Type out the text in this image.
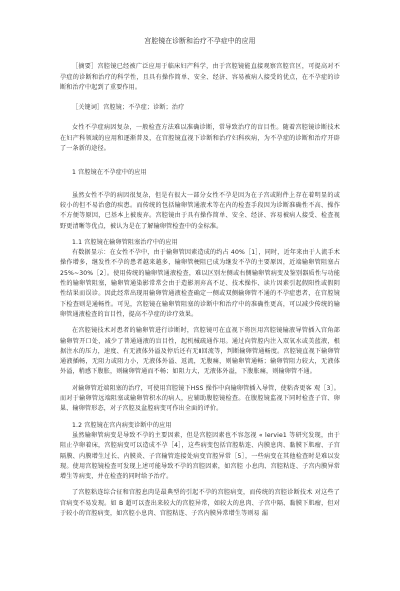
宫腔镜在诊断和治疗不孕症中的应用

［摘要］宫腔镜已经被广泛应用于临床妇产科学，由于宫腔镜能直接观察宫腔宫区，可提高对不孕症的诊断和治疗的科学性，且具有操作简单、安全、经济、容易被病人接受的优点，在不孕症的诊断和治疗中起到了重要作用。

［关键词］宫腔镜；不孕症；诊断；治疗

女性不孕症病因复杂，一般检查方法难以准确诊断，常导致治疗的盲目性。随着宫腔镜诊断技术在妇产科领域的应用和逐渐普及，在宫腔镜直视下诊断和治疗妇科疾病，为不孕症的诊断和治疗开辟了一条新的途径。

1 宫腔镜在不孕症中的应用

虽然女性不孕的病因很复杂，但是有很大一部分女性不孕是因为在子宫或附件上存在着明显的或较小的但不易治愈的疾患。而传统的包括输卵管通液术等在内的检查手段因为诊断准确性不高、操作不方便等原因，已基本上被废弃。宫腔镜由于具有操作简单、安全、经济、容易被病人接受、检查视野更清晰等优点，被认为是在了解输卵管检查中的金标准。

1.1 宫腔镜在输卵管阻塞治疗中的应用

有数据显示：在女性不孕中，由于输卵管因素造成的约占 40%［1］，同时，近年来由于人流手术操作增多，继发性不孕的患者越来越多，输卵管梗阻已成为继发不孕的主要原因，近端输卵管阻塞占 25%~30%［2］。使用传统的输卵管通液检查，难以区别左侧或右侧输卵管病变及鉴别器质性与功能性的输卵管阻塞，输卵管通染影常常会由于造影剂弃高不足、技术操作、读片因素引起假阳性或假阴性结果而误诊。因此经常出现用输卵管通液检查确定一侧或双侧输卵管不通的不孕症患者，在宫腔镜下检查则是通畅性。可见，宫腔镜在输卵管阻塞的诊断中和治疗中的准确性更高，可以减少传统的输卵管通液检查的盲目性，提高不孕症的诊疗效果。

在宫腔镜技术对患者的输卵管进行诊断时，宫腔镜可在直视下将医用宫腔镜输液导管插入宫角部输卵管开口处，减少了普通通液的盲目性，起机械疏通作用。通过向管腔内注入双氧水或美蓝液，根据注水的压力，速度、有无液体外溢及停后还有无Ⅱ回流等，判断输卵管通畅度。宫腔镜直视下输卵管通液插畅，无阻力或阻力小，无液体外溢、返流，无腹痛，则输卵管通畅；输卵管阻力较大，无液体外溢，稍感下腹胀，则输卵管通而不畅；如阻力大，无液体外溢，下腹胀痛，则输卵管不通。

对输卵管近端阻塞的治疗，可使用宫腔镜下HSS 操作中向输卵管插入导管，使粘杏更客 观［3］。而对于输卵管远端阻塞或输卵管积水的病人，应辅助腹腔镜检查。在腹腔镜监视下同时检查子宫、卵巢、输卵管形态，对子宫腔及盆腔病变可作出全面的评价。

1.2 宫腔镜在宫内病变诊断中的应用

虽然输卵管病变是导致不孕的主要因素，但是宫腔因素也不容忽视 « lervie1 等研究发现，由于阻止孕卵着床，宫腔病变可以造成不孕［4］，这些病变包括宫腔粘连、内膜息肉、黏膜下肌瘤、子宫隔膜、内膜增生过长、内膜炎、子宫输管连接处病变宫腔异常［5］，一些病变在其他检查时是难以发现。使用宫腔镜检查可发现上述可能导致不孕的宫腔因素，如宫腔 小息肉、宫腔粘连、子宫内膜异常增生等病变，并在检查的同时给予治疗。

了宫腔粘连综合征和宫腔息肉是最典型的引起不孕的宫腔病变，而传统的宫腔诊断技术 对这些了宫病变不易发现。如 B 超可以查出来较大的宫腔异常，如较大的息肉、子宫中隔、黏膜下肌瘤，但对于较小的宫腔病变，如宫腔小息肉、宫腔粘连、子宫内膜异常增生等则易 漏
